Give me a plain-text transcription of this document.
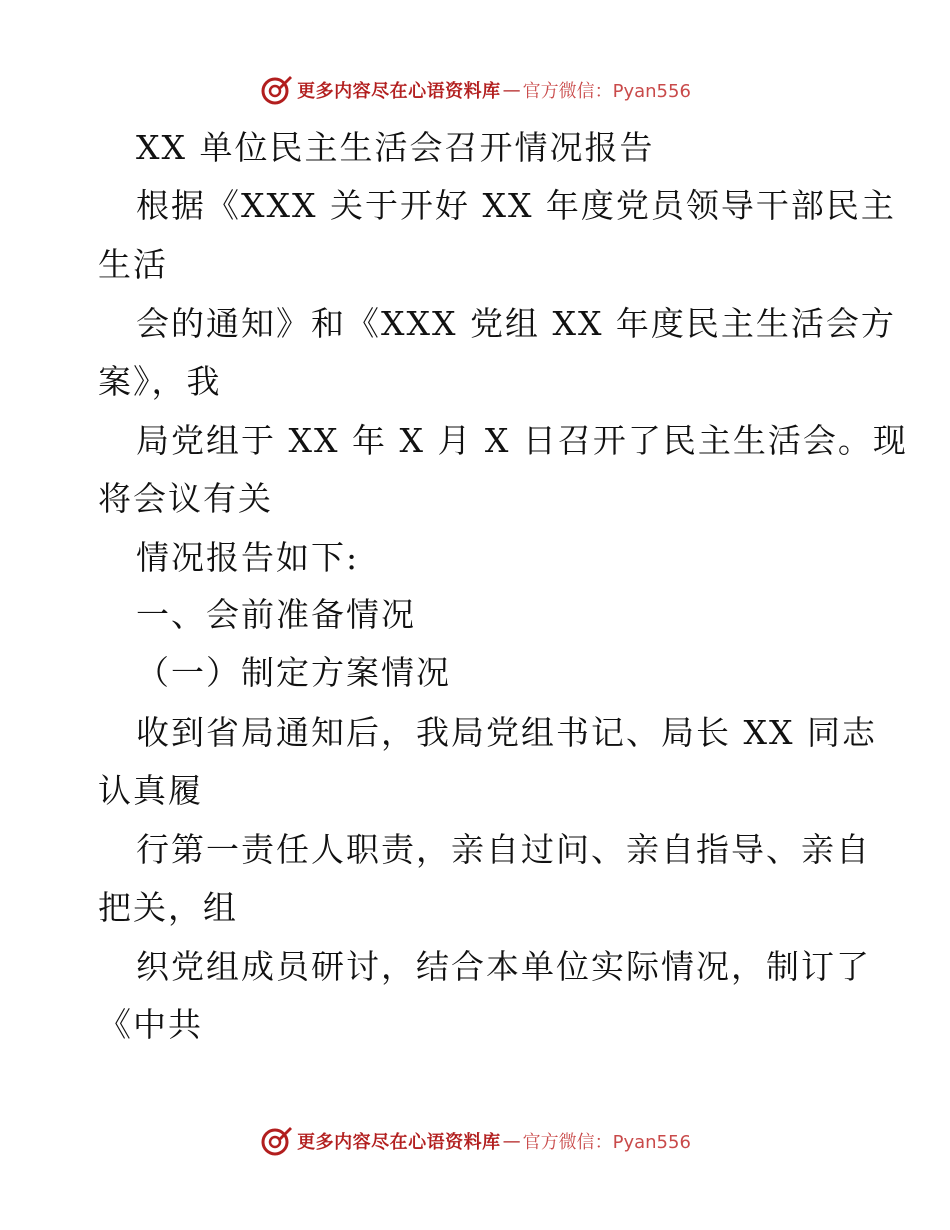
更多内容尽在心语资料库 — 官方微信：Pyan556
XX 单位民主生活会召开情况报告
根据《XXX 关于开好 XX 年度党员领导干部民主
生活
会的通知》和《XXX 党组 XX 年度民主生活会方
案》，我
局党组于 XX 年 X 月 X 日召开了民主生活会。现
将会议有关
情况报告如下:
一、会前准备情况
（一）制定方案情况
收到省局通知后，我局党组书记、局长 XX 同志
认真履
行第一责任人职责，亲自过问、亲自指导、亲自
把关，组
织党组成员研讨，结合本单位实际情况，制订了
《中共
更多内容尽在心语资料库 — 官方微信：Pyan556
